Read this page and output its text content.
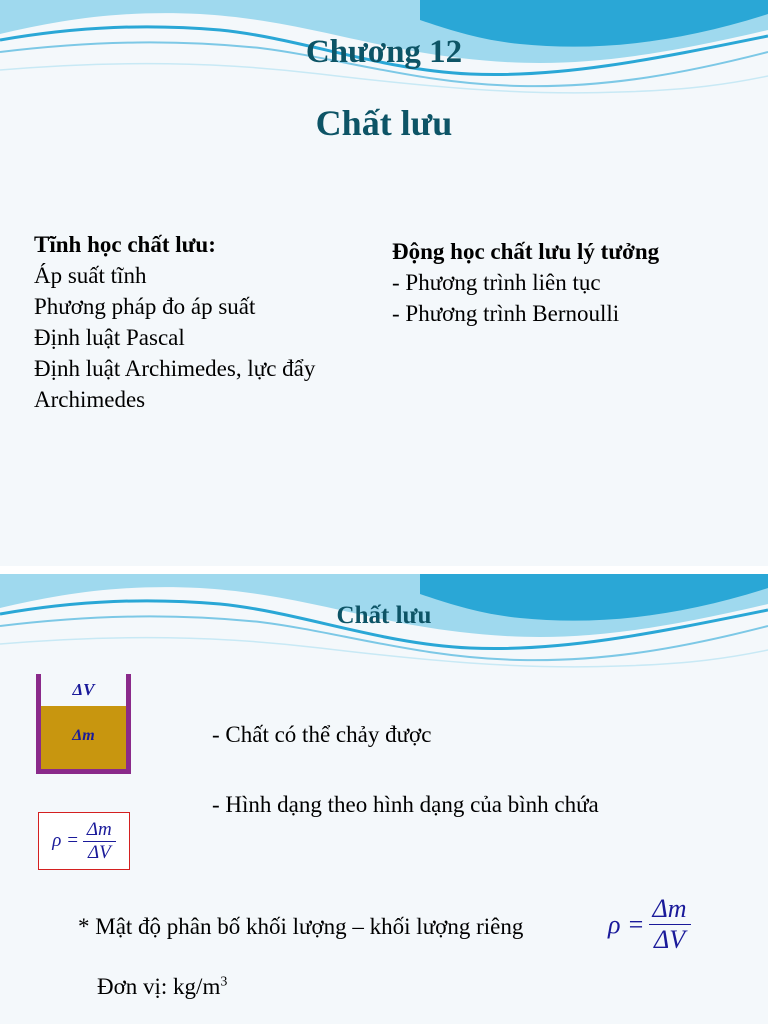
Chương 12
Chất lưu
Tĩnh học chất lưu:
Áp suất tĩnh
Phương pháp đo áp suất
Định luật Pascal
Định luật Archimedes, lực đẩy
Archimedes
Động học chất lưu lý tưởng
- Phương trình liên tục
- Phương trình Bernoulli
Chất lưu
ΔV
Δm	- Chất có thể chảy được
- Hình dạng theo hình dạng của bình chứa
$\rho = \frac{\Delta m}{\Delta V}$
* Mật độ phân bố khối lượng – khối lượng riêng	$\rho = \frac{\Delta m}{\Delta V}$
Đơn vị: $kg/m^3$
